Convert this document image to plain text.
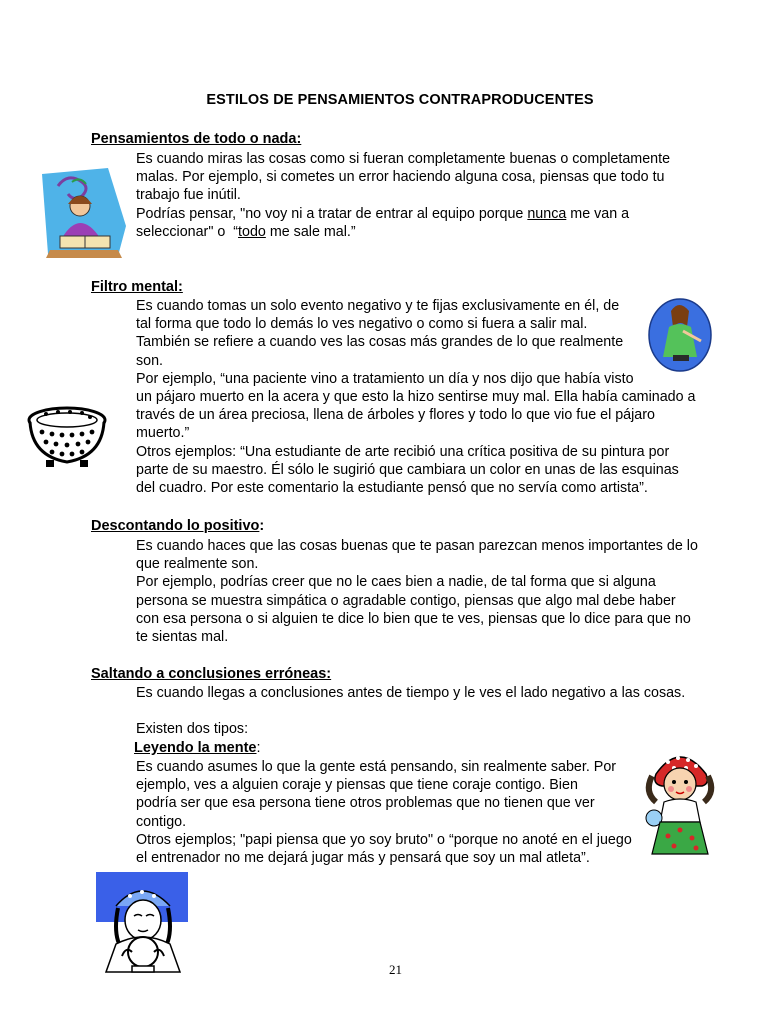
ESTILOS DE PENSAMIENTOS CONTRAPRODUCENTES
Pensamientos de todo o nada:
Es cuando miras las cosas como si fueran completamente buenas o completamente
malas. Por ejemplo, si cometes un error haciendo alguna cosa, piensas que todo tu
trabajo fue inútil.
Podrías pensar, "no voy ni a tratar de entrar al equipo porque nunca me van a
seleccionar" o  “todo me sale mal.”
Filtro mental:
Es cuando tomas un solo evento negativo y te fijas exclusivamente en él, de
tal forma que todo lo demás lo ves negativo o como si fuera a salir mal.
También se refiere a cuando ves las cosas más grandes de lo que realmente
son.
Por ejemplo, “una paciente vino a tratamiento un día y nos dijo que había visto
un pájaro muerto en la acera y que esto la hizo sentirse muy mal. Ella había caminado a
través de un área preciosa, llena de árboles y flores y todo lo que vio fue el pájaro
muerto.”
Otros ejemplos: “Una estudiante de arte recibió una crítica positiva de su pintura por
parte de su maestro. Él sólo le sugirió que cambiara un color en unas de las esquinas
del cuadro. Por este comentario la estudiante pensó que no servía como artista”.
Descontando lo positivo:
Es cuando haces que las cosas buenas que te pasan parezcan menos importantes de lo
que realmente son.
Por ejemplo, podrías creer que no le caes bien a nadie, de tal forma que si alguna
persona se muestra simpática o agradable contigo, piensas que algo mal debe haber
con esa persona o si alguien te dice lo bien que te ves, piensas que lo dice para que no
te sientas mal.
Saltando a conclusiones erróneas:
Es cuando llegas a conclusiones antes de tiempo y le ves el lado negativo a las cosas.
Existen dos tipos:
Leyendo la mente:
Es cuando asumes lo que la gente está pensando, sin realmente saber. Por
ejemplo, ves a alguien coraje y piensas que tiene coraje contigo. Bien
podría ser que esa persona tiene otros problemas que no tienen que ver
contigo.
Otros ejemplos; "papi piensa que yo soy bruto" o “porque no anoté en el juego
el entrenador no me dejará jugar más y pensará que soy un mal atleta”.
21
